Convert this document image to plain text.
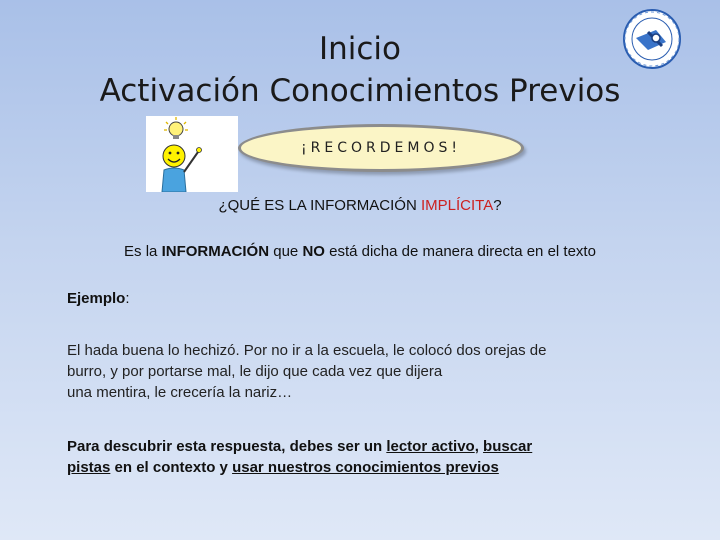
Inicio
Activación Conocimientos Previos
¡RECORDEMOS!
¿QUÉ ES LA INFORMACIÓN IMPLÍCITA?
Es la INFORMACIÓN que NO está dicha de manera directa en el texto
Ejemplo:
El hada buena lo hechizó. Por no ir a la escuela, le colocó dos orejas de
burro, y por portarse mal, le dijo que cada vez que dijera
una mentira, le crecería la nariz…
Para descubrir esta respuesta, debes ser un lector activo, buscar
pistas en el contexto y usar nuestros conocimientos previos
